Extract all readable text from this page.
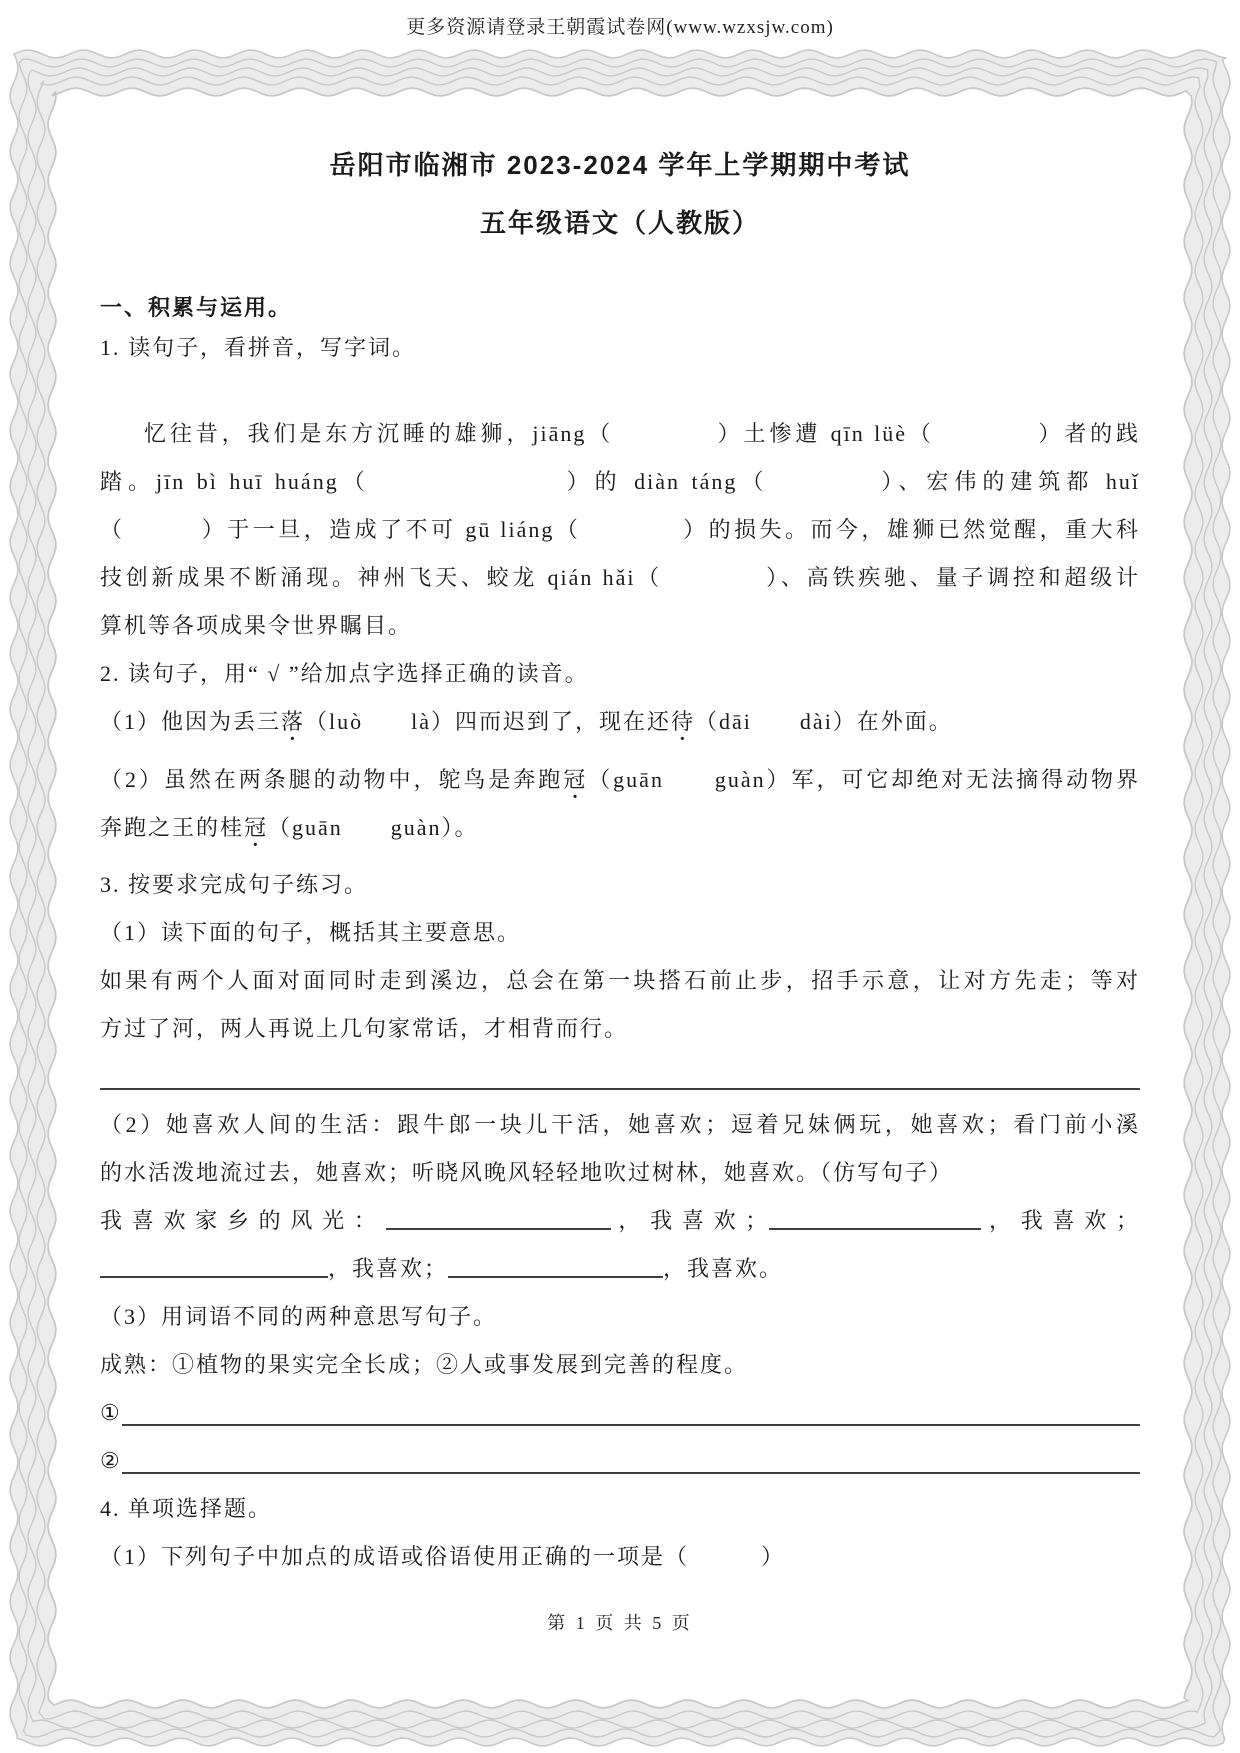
更多资源请登录王朝霞试卷网(www.wzxsjw.com)
岳阳市临湘市 2023-2024 学年上学期期中考试
五年级语文（人教版）
一、积累与运用。
1. 读句子，看拼音，写字词。
忆往昔，我们是东方沉睡的雄狮，jiāng（　　　　）土惨遭 qīn lüè（　　　　）者的践
踏。jīn bì huī huáng（　　　　　　　）的 diàn táng（　　　　）、宏伟的建筑都 huǐ
（　　　）于一旦，造成了不可 gū liáng（　　　　）的损失。而今，雄狮已然觉醒，重大科
技创新成果不断涌现。神州飞天、蛟龙 qián hǎi（　　　　）、高铁疾驰、量子调控和超级计
算机等各项成果令世界瞩目。
2. 读句子，用“ √ ”给加点字选择正确的读音。
（1）他因为丢三落（luò　　là）四而迟到了，现在还待（dāi　　dài）在外面。
（2）虽然在两条腿的动物中，鸵鸟是奔跑冠（guān　　guàn）军，可它却绝对无法摘得动物界
奔跑之王的桂冠（guān　　guàn）。
3. 按要求完成句子练习。
（1）读下面的句子，概括其主要意思。
如果有两个人面对面同时走到溪边，总会在第一块搭石前止步，招手示意，让对方先走；等对
方过了河，两人再说上几句家常话，才相背而行。
（2）她喜欢人间的生活：跟牛郎一块儿干活，她喜欢；逗着兄妹俩玩，她喜欢；看门前小溪
的水活泼地流过去，她喜欢；听晓风晚风轻轻地吹过树林，她喜欢。（仿写句子）
我喜欢家乡的风光：	，我喜欢；	，我喜欢；
，我喜欢；	，我喜欢。
（3）用词语不同的两种意思写句子。
成熟：①植物的果实完全长成；②人或事发展到完善的程度。
①
②
4. 单项选择题。
（1）下列句子中加点的成语或俗语使用正确的一项是（　　　）
第 1 页 共 5 页
